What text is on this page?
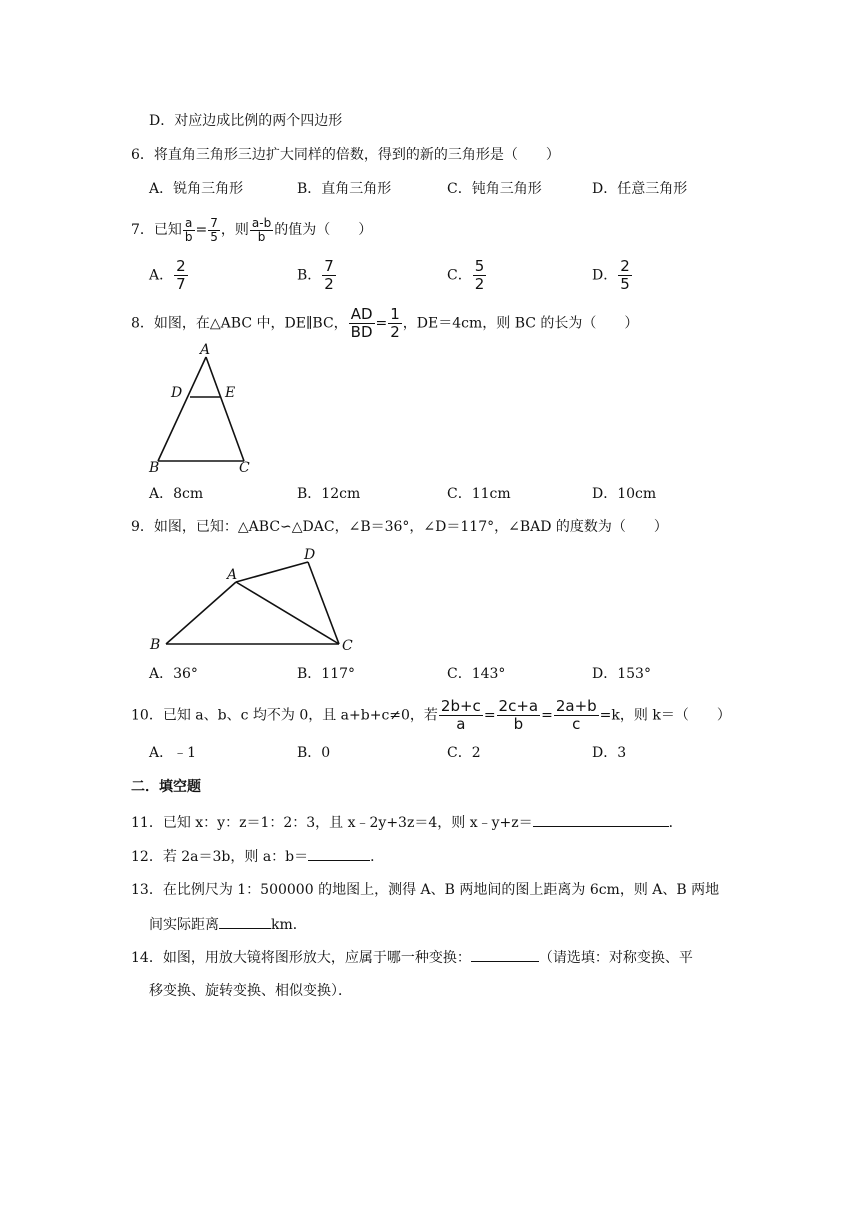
D．对应边成比例的两个四边形
6．将直角三角形三边扩大同样的倍数，得到的新的三角形是（　　）
A．锐角三角形	B．直角三角形	C．钝角三角形	D．任意三角形
7．已知 $\frac{a}{b} = \frac{7}{5}$ ，则 $\frac{a-b}{b}$ 的值为（　　）
A． $\frac{2}{7}$	B． $\frac{7}{2}$	C． $\frac{5}{2}$	D． $\frac{2}{5}$
8．如图，在△ABC 中，DE∥BC， $\frac{AD}{BD} = \frac{1}{2}$ ，DE＝4cm，则 BC 的长为（　　）
A
D	E
B	C
A．8cm	B．12cm	C．11cm	D．10cm
9．如图，已知：△ABC∽△DAC，∠B＝36°，∠D＝117°，∠BAD 的度数为（　　）
A
D
B	C
A．36°	B．117°	C．143°	D．153°
10．已知 a、b、c 均不为 0，且 a+b+c≠0，若 $\frac{2b+c}{a} = \frac{2c+a}{b} = \frac{2a+b}{c} =k$，则 k＝（　　）
A．﹣1	B．0	C．2	D．3
二．填空题
11．已知 x：y：z＝1：2：3，且 x﹣2y+3z＝4，则 x﹣y+z＝	．
12．若 2a＝3b，则 a：b＝	．
13．在比例尺为 1：500000 的地图上，测得 A、B 两地间的图上距离为 6cm，则 A、B 两地
间实际距离	km．
14．如图，用放大镜将图形放大，应属于哪一种变换：	（请选填：对称变换、平
移变换、旋转变换、相似变换）．
